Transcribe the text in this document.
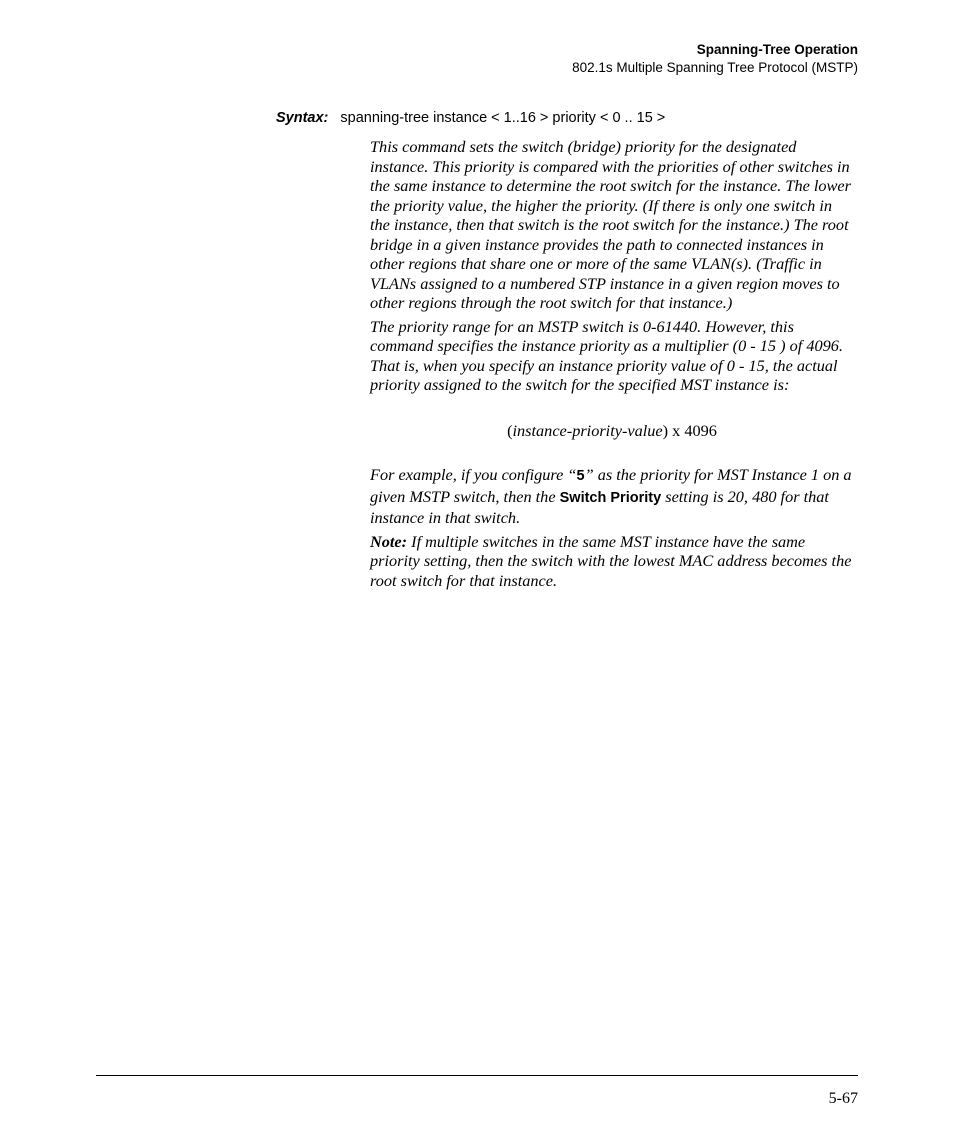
Spanning-Tree Operation
802.1s Multiple Spanning Tree Protocol (MSTP)
Syntax: spanning-tree instance < 1..16 > priority < 0 .. 15 >

This command sets the switch (bridge) priority for the designated instance. This priority is compared with the priorities of other switches in the same instance to determine the root switch for the instance. The lower the priority value, the higher the priority. (If there is only one switch in the instance, then that switch is the root switch for the instance.) The root bridge in a given instance provides the path to connected instances in other regions that share one or more of the same VLAN(s). (Traffic in VLANs assigned to a numbered STP instance in a given region moves to other regions through the root switch for that instance.)

The priority range for an MSTP switch is 0-61440. However, this command specifies the instance priority as a multiplier (0 - 15 ) of 4096. That is, when you specify an instance priority value of 0 - 15, the actual priority assigned to the switch for the specified MST instance is:

(instance-priority-value) x 4096

For example, if you configure “5” as the priority for MST Instance 1 on a given MSTP switch, then the Switch Priority setting is 20, 480 for that instance in that switch.

Note: If multiple switches in the same MST instance have the same priority setting, then the switch with the lowest MAC address becomes the root switch for that instance.

5-67
